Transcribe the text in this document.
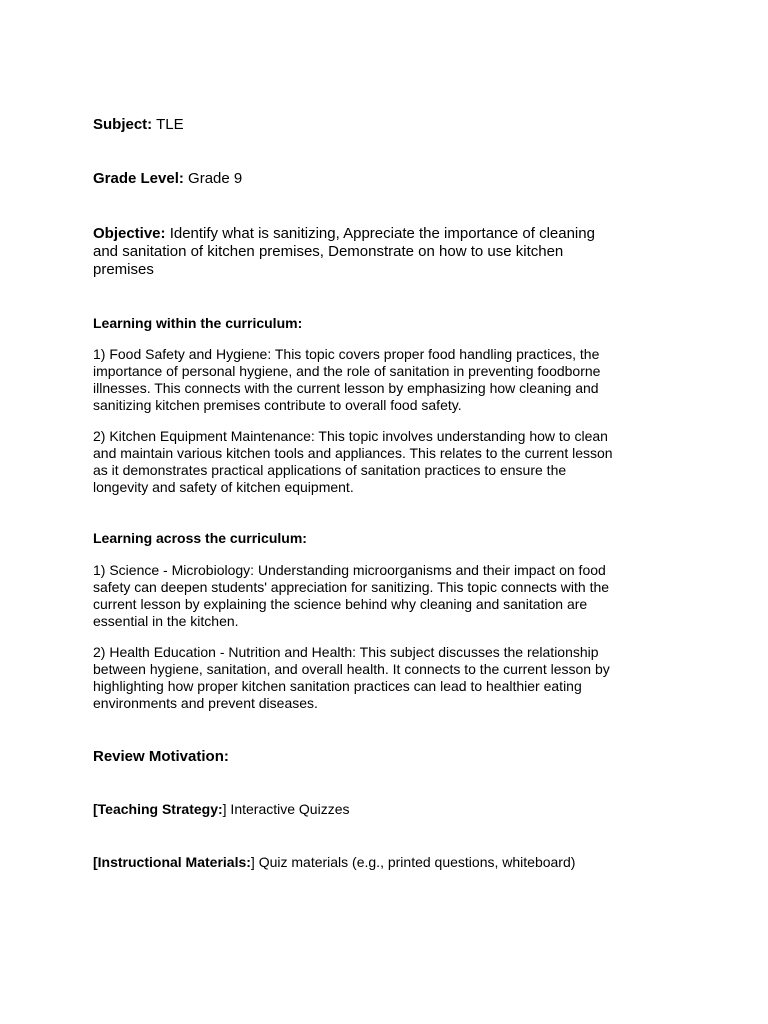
Subject: TLE
Grade Level: Grade 9
Objective: Identify what is sanitizing, Appreciate the importance of cleaning
and sanitation of kitchen premises, Demonstrate on how to use kitchen
premises
Learning within the curriculum:
1) Food Safety and Hygiene: This topic covers proper food handling practices, the
importance of personal hygiene, and the role of sanitation in preventing foodborne
illnesses. This connects with the current lesson by emphasizing how cleaning and
sanitizing kitchen premises contribute to overall food safety.
2) Kitchen Equipment Maintenance: This topic involves understanding how to clean
and maintain various kitchen tools and appliances. This relates to the current lesson
as it demonstrates practical applications of sanitation practices to ensure the
longevity and safety of kitchen equipment.
Learning across the curriculum:
1) Science - Microbiology: Understanding microorganisms and their impact on food
safety can deepen students' appreciation for sanitizing. This topic connects with the
current lesson by explaining the science behind why cleaning and sanitation are
essential in the kitchen.
2) Health Education - Nutrition and Health: This subject discusses the relationship
between hygiene, sanitation, and overall health. It connects to the current lesson by
highlighting how proper kitchen sanitation practices can lead to healthier eating
environments and prevent diseases.
Review Motivation:
[Teaching Strategy:] Interactive Quizzes
[Instructional Materials:] Quiz materials (e.g., printed questions, whiteboard)
